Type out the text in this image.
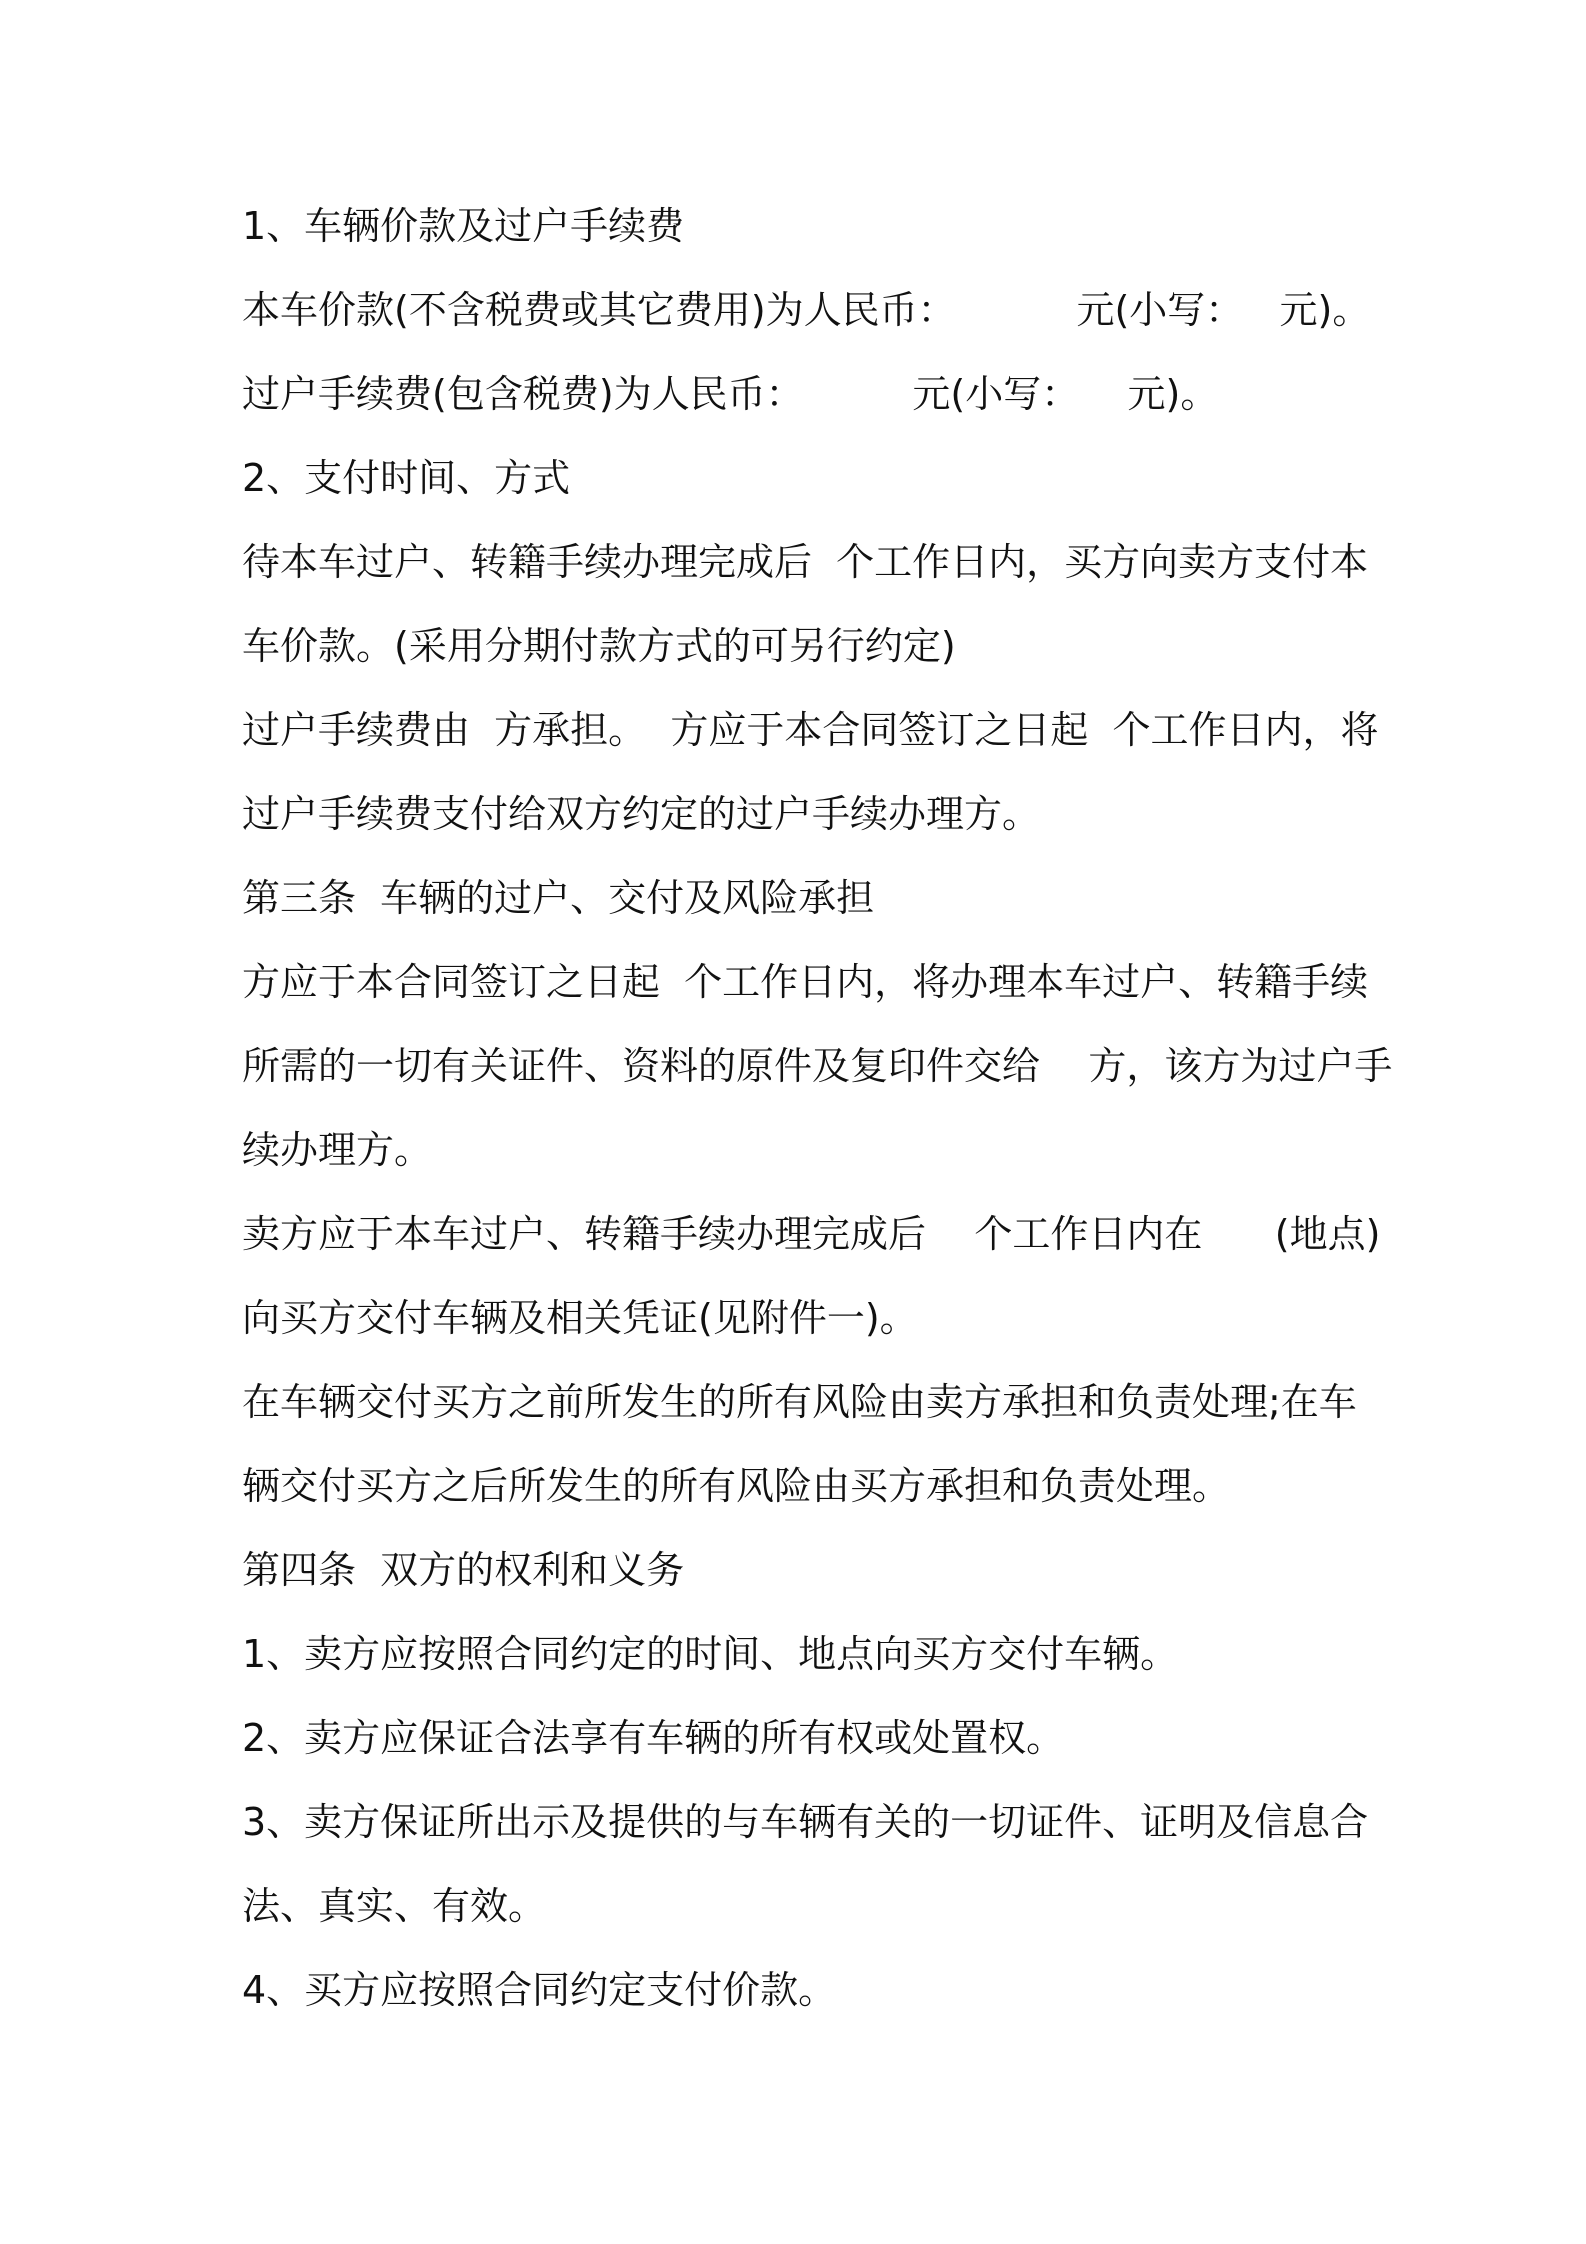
1、车辆价款及过户手续费
本车价款(不含税费或其它费用)为人民币：          元(小写：   元)。
过户手续费(包含税费)为人民币：         元(小写：    元)。
2、支付时间、方式
待本车过户、转籍手续办理完成后  个工作日内，买方向卖方支付本
车价款。(采用分期付款方式的可另行约定)
过户手续费由  方承担。  方应于本合同签订之日起  个工作日内，将
过户手续费支付给双方约定的过户手续办理方。
第三条  车辆的过户、交付及风险承担
方应于本合同签订之日起  个工作日内，将办理本车过户、转籍手续
所需的一切有关证件、资料的原件及复印件交给    方，该方为过户手
续办理方。
卖方应于本车过户、转籍手续办理完成后    个工作日内在      (地点)
向买方交付车辆及相关凭证(见附件一)。
在车辆交付买方之前所发生的所有风险由卖方承担和负责处理;在车
辆交付买方之后所发生的所有风险由买方承担和负责处理。
第四条  双方的权利和义务
1、卖方应按照合同约定的时间、地点向买方交付车辆。
2、卖方应保证合法享有车辆的所有权或处置权。
3、卖方保证所出示及提供的与车辆有关的一切证件、证明及信息合
法、真实、有效。
4、买方应按照合同约定支付价款。
